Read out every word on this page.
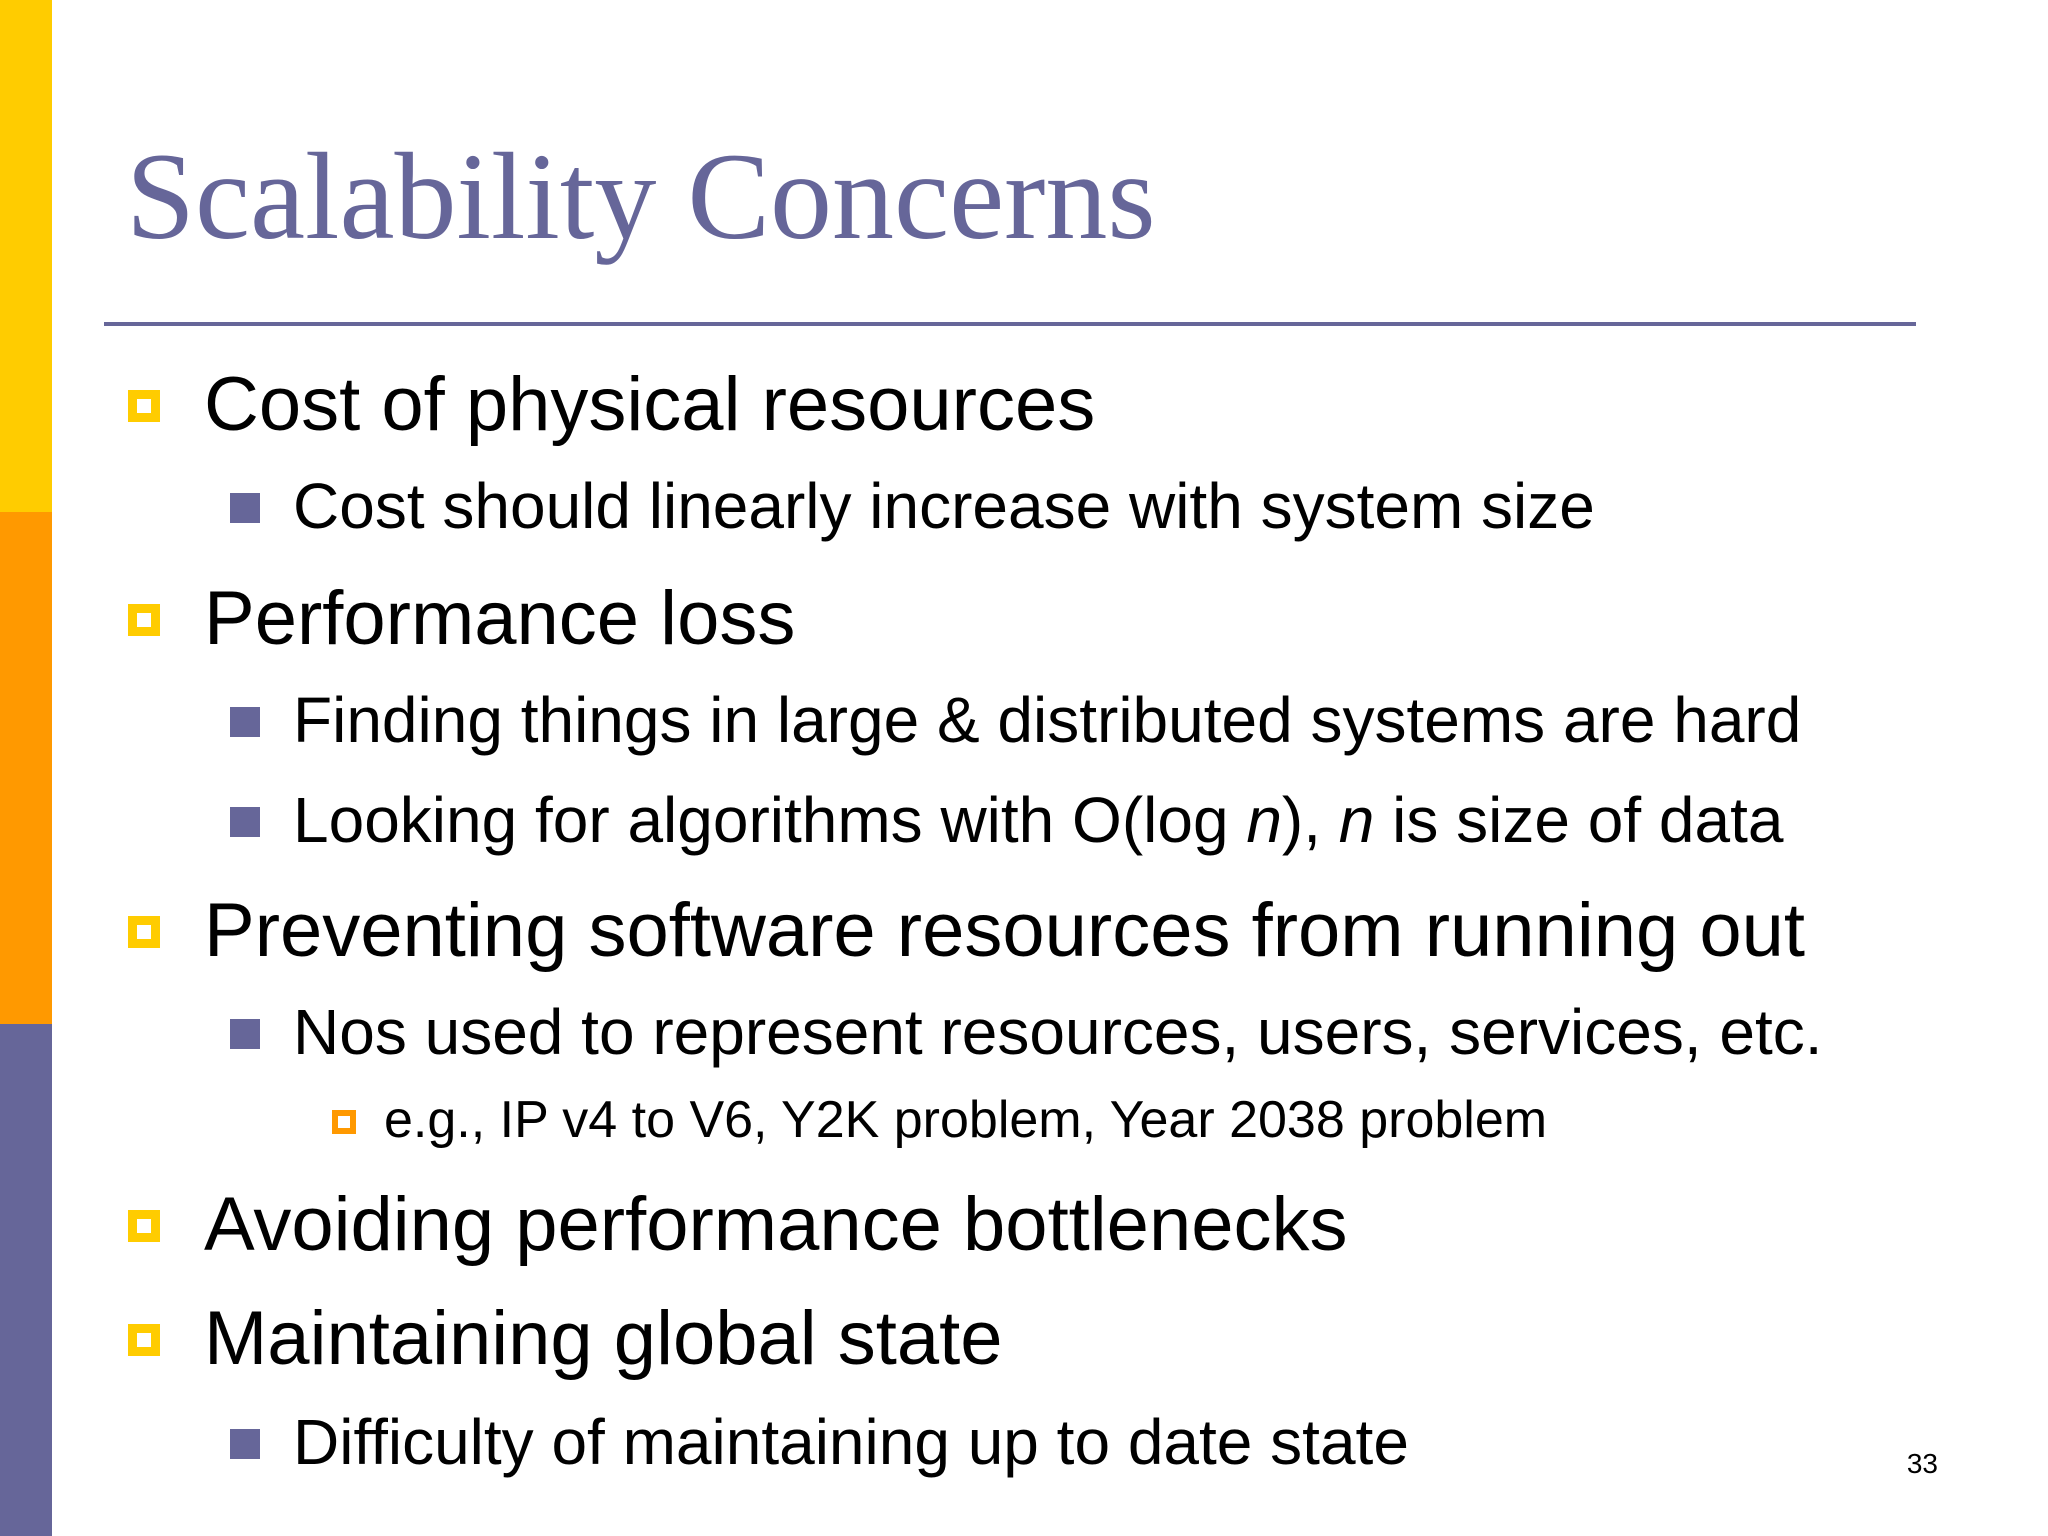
Scalability Concerns
Cost of physical resources
Cost should linearly increase with system size
Performance loss
Finding things in large & distributed systems are hard
Looking for algorithms with O(log n), n is size of data
Preventing software resources from running out
Nos used to represent resources, users, services, etc.
e.g., IP v4 to V6, Y2K problem, Year 2038 problem
Avoiding performance bottlenecks
Maintaining global state
Difficulty of maintaining up to date state	33
